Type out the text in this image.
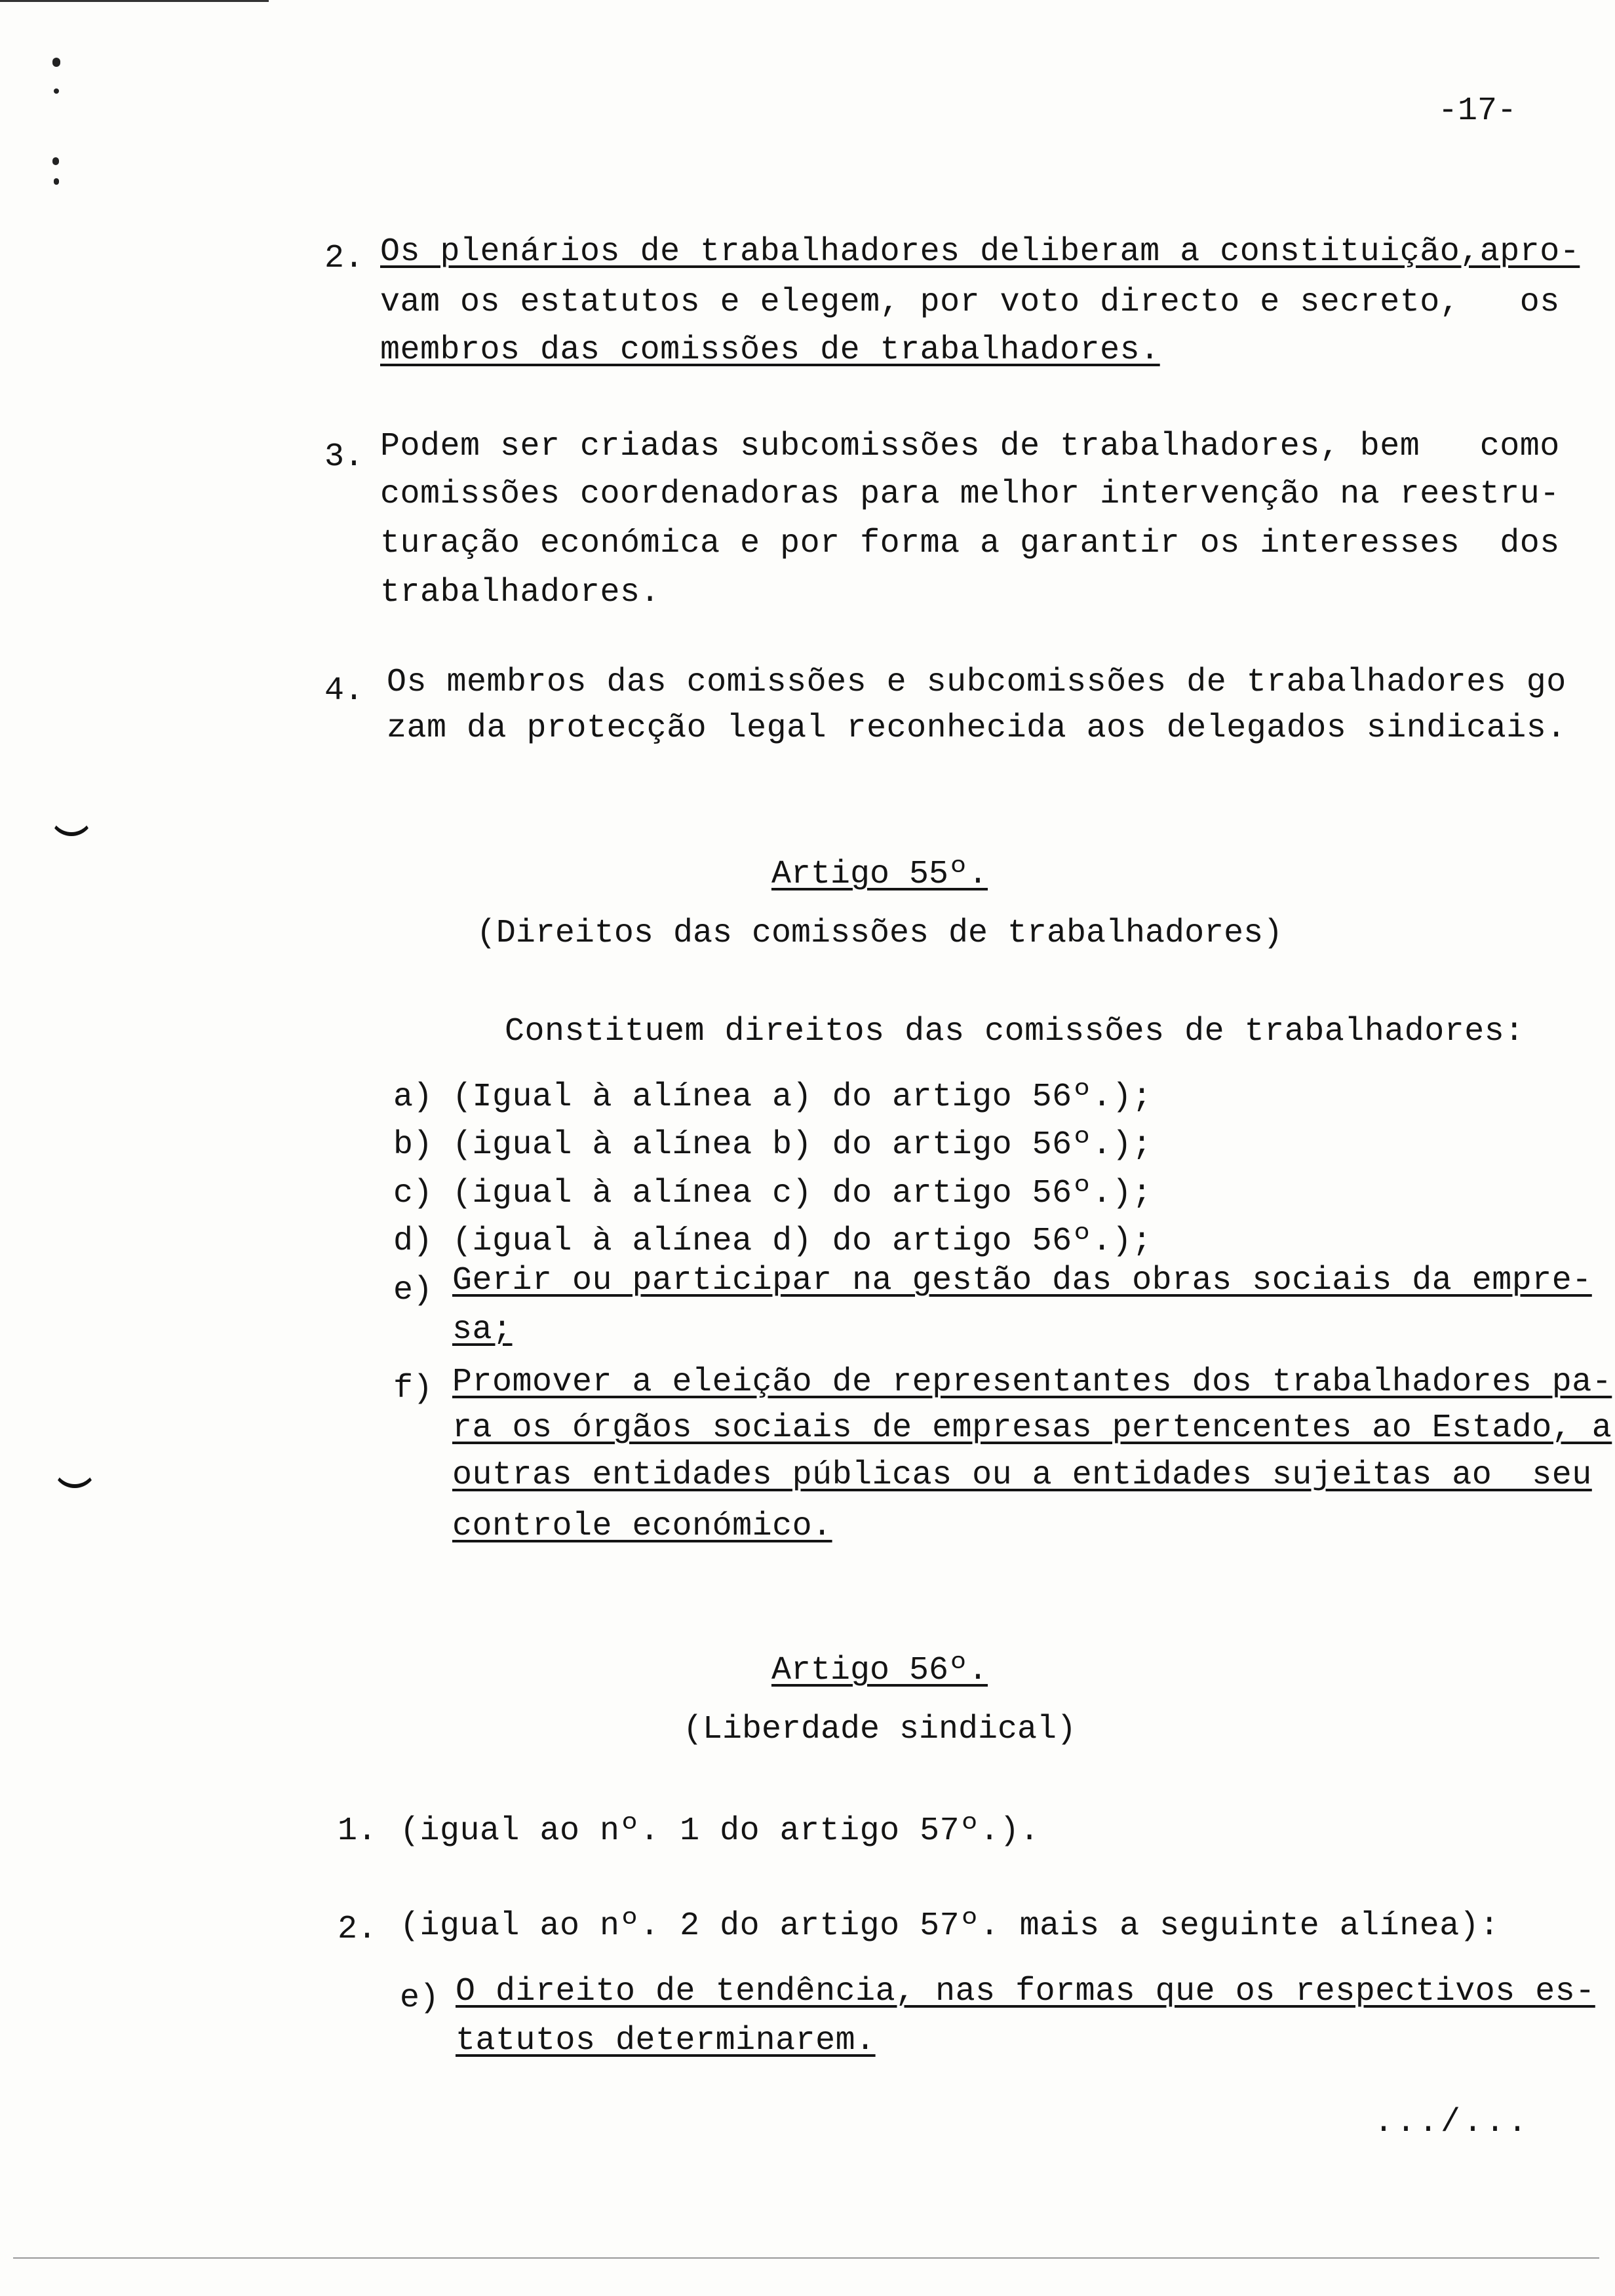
-17-
2. Os plenários de trabalhadores deliberam a constituição,apro-
vam os estatutos e elegem, por voto directo e secreto,   os
membros das comissões de trabalhadores.
3. Podem ser criadas subcomissões de trabalhadores, bem   como
comissões coordenadoras para melhor intervenção na reestru-
turação económica e por forma a garantir os interesses  dos
trabalhadores.
4. Os membros das comissões e subcomissões de trabalhadores go
zam da protecção legal reconhecida aos delegados sindicais.
Artigo 55º.
(Direitos das comissões de trabalhadores)
Constituem direitos das comissões de trabalhadores:
a) (Igual à alínea a) do artigo 56º.);
b) (igual à alínea b) do artigo 56º.);
c) (igual à alínea c) do artigo 56º.);
d) (igual à alínea d) do artigo 56º.);
e) Gerir ou participar na gestão das obras sociais da empre-
sa;
f) Promover a eleição de representantes dos trabalhadores pa-
ra os órgãos sociais de empresas pertencentes ao Estado, a
outras entidades públicas ou a entidades sujeitas ao  seu
controle económico.
Artigo 56º.
(Liberdade sindical)
1. (igual ao nº. 1 do artigo 57º.).
2. (igual ao nº. 2 do artigo 57º. mais a seguinte alínea):
e) O direito de tendência, nas formas que os respectivos es-
tatutos determinarem.
.../...
